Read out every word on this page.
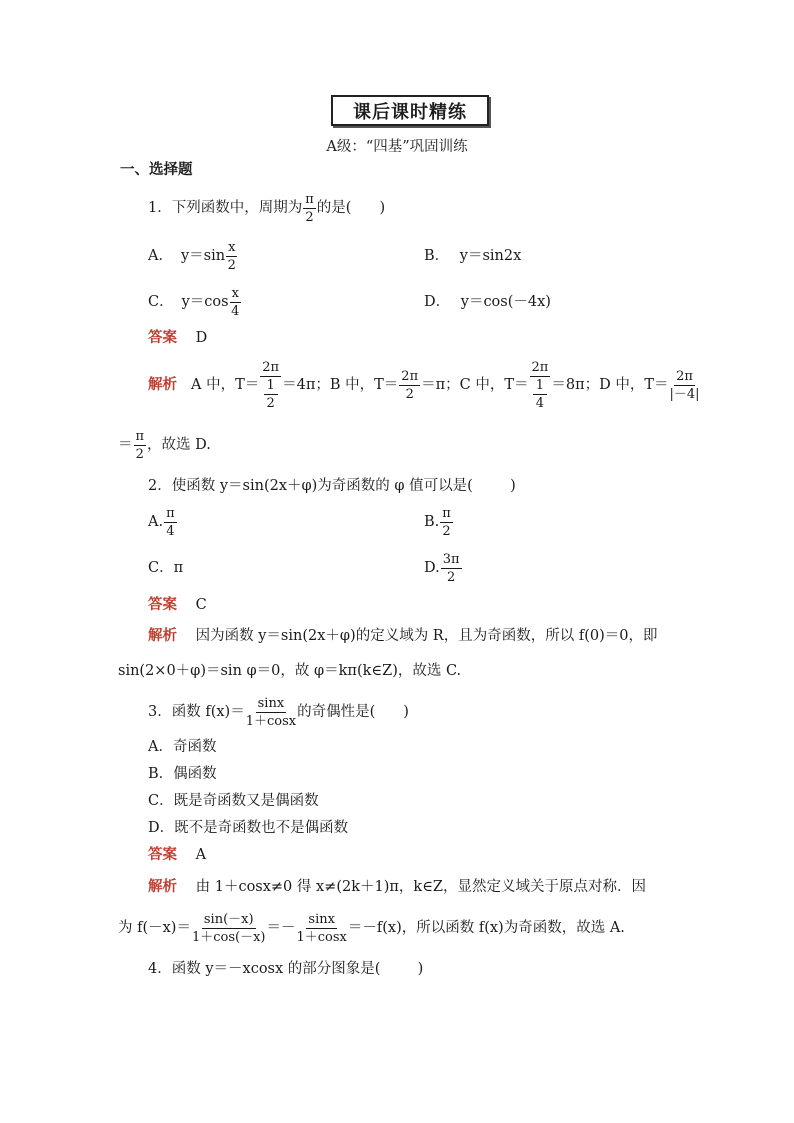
课后课时精练
A级：“四基”巩固训练
一、选择题
1．下列函数中，周期为 $\frac{\pi}{2}$ 的是( )
A． $y=\sin \frac{x}{2}$	B． y＝sin2x
C． $y=\cos \frac{x}{4}$	D． y＝cos(－4x)
答案 D
解析 A 中，$T= \frac{2\pi}{\frac{1}{2}} =4\pi$；B 中，$T= \frac{2\pi}{2} =\pi$；C 中，$T= \frac{2\pi}{\frac{1}{4}} =8\pi$；D 中，$T= \frac{2\pi}{|-4|}$
＝ $\frac{\pi}{2}$ ，故选 D.
2．使函数 y＝sin(2x＋φ)为奇函数的 φ 值可以是(	)
A. $\frac{\pi}{4}$	B. $\frac{\pi}{2}$
C．π	D. $\frac{3\pi}{2}$
答案 C
解析 因为函数 y＝sin(2x＋φ)的定义域为 R，且为奇函数，所以 f(0)＝0，即
sin(2×0＋φ)＝sin φ＝0，故 φ＝kπ(k∈Z)，故选 C.
3．函数 $f(x)= \frac{\sin x}{1+\cos x}$ 的奇偶性是( )
A．奇函数
B．偶函数
C．既是奇函数又是偶函数
D．既不是奇函数也不是偶函数
答案 A
解析 由 1＋cosx≠0 得 x≠(2k＋1)π，k∈Z，显然定义域关于原点对称．因
为 $f(-x)= \frac{\sin(-x)}{1+\cos(-x)} =- \frac{\sin x}{1+\cos x} =-f(x)$，所以函数 f(x)为奇函数，故选 A.
4．函数 y＝－xcosx 的部分图象是(	)
